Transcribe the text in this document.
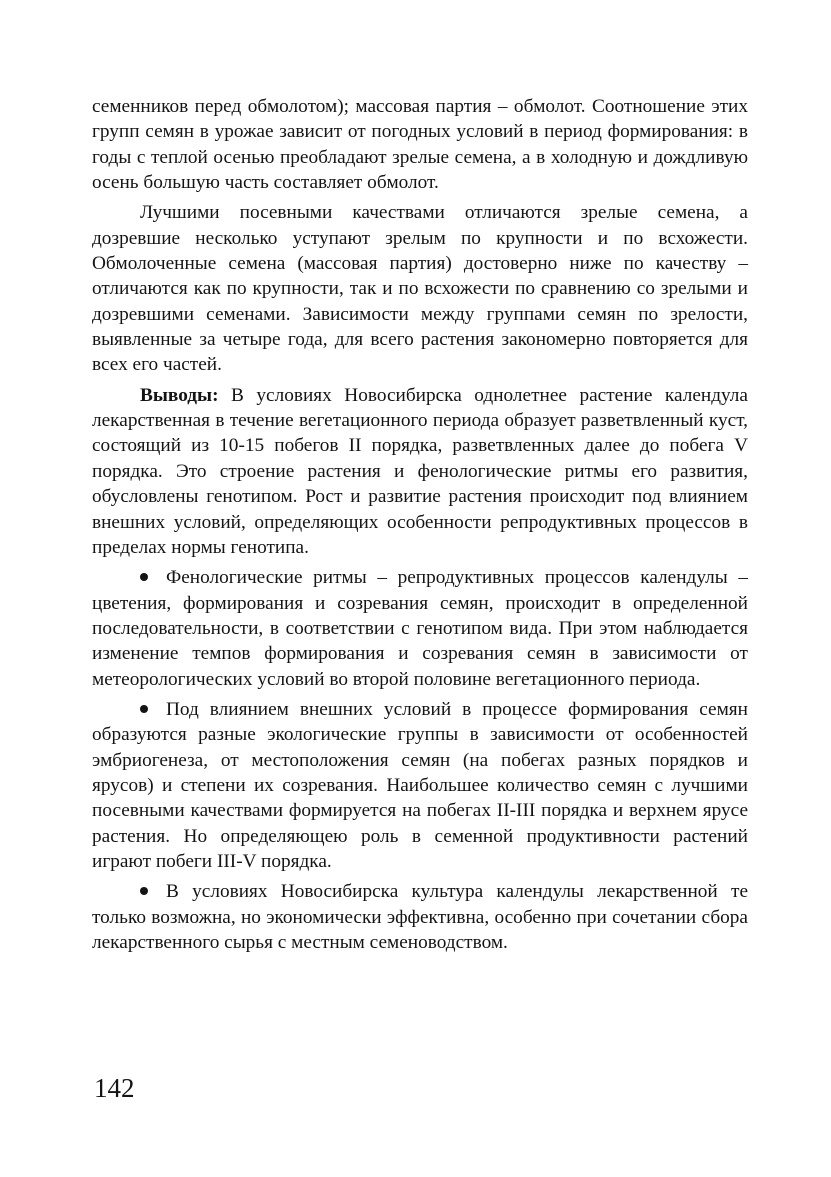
семенников перед обмолотом); массовая партия – обмолот. Соотношение этих групп семян в урожае зависит от погодных условий в период формирования: в годы с теплой осенью преобладают зрелые семена, а в холодную и дождливую осень большую часть составляет обмолот.

Лучшими посевными качествами отличаются зрелые семена, а дозревшие несколько уступают зрелым по крупности и по всхожести. Обмолоченные семена (массовая партия) достоверно ниже по качеству – отличаются как по крупности, так и по всхожести по сравнению со зрелыми и дозревшими семенами. Зависимости между группами семян по зрелости, выявленные за четыре года, для всего растения закономерно повторяется для всех его частей.

Выводы: В условиях Новосибирска однолетнее растение календула лекарственная в течение вегетационного периода образует разветвленный куст, состоящий из 10-15 побегов II порядка, разветвленных далее до побега V порядка. Это строение растения и фенологические ритмы его развития, обусловлены генотипом. Рост и развитие растения происходит под влиянием внешних условий, определяющих особенности репродуктивных процессов в пределах нормы генотипа.

Фенологические ритмы – репродуктивных процессов календулы – цветения, формирования и созревания семян, происходит в определенной последовательности, в соответствии с генотипом вида. При этом наблюдается изменение темпов формирования и созревания семян в зависимости от метеорологических условий во второй половине вегетационного периода.

Под влиянием внешних условий в процессе формирования семян образуются разные экологические группы в зависимости от особенностей эмбриогенеза, от местоположения семян (на побегах разных порядков и ярусов) и степени их созревания. Наибольшее количество семян с лучшими посевными качествами формируется на побегах II-III порядка и верхнем ярусе растения. Но определяющею роль в семенной продуктивности растений играют побеги III-V порядка.

В условиях Новосибирска культура календулы лекарственной те только возможна, но экономически эффективна, особенно при сочетании сбора лекарственного сырья с местным семеноводством.

142
